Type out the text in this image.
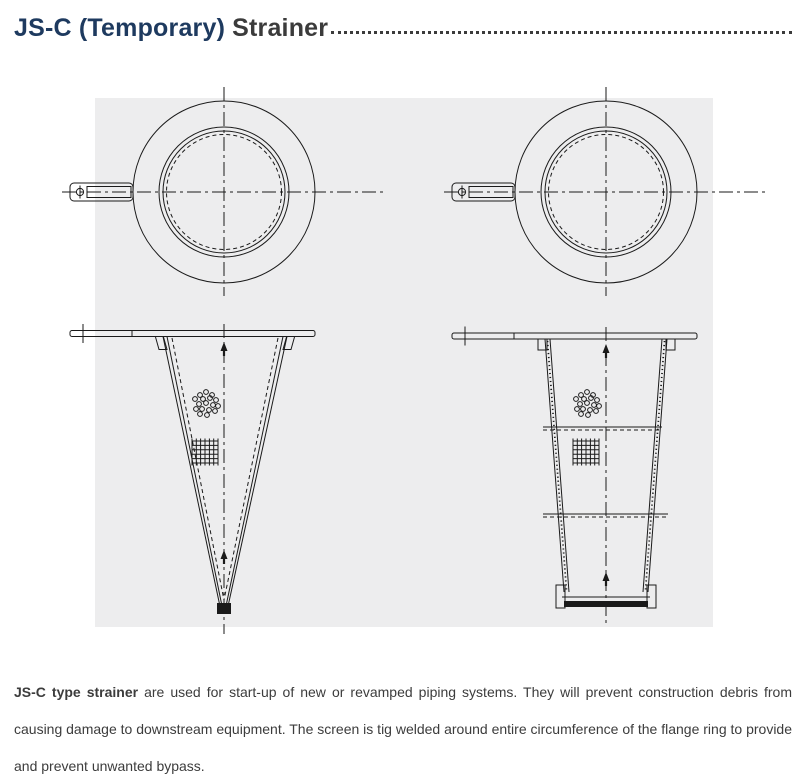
JS-C (Temporary) Strainer
JS-C type strainer are used for start-up of new or revamped piping systems. They will prevent construction debris from
causing damage to downstream equipment. The screen is tig welded around entire circumference of the flange ring to provide
and prevent unwanted bypass.
